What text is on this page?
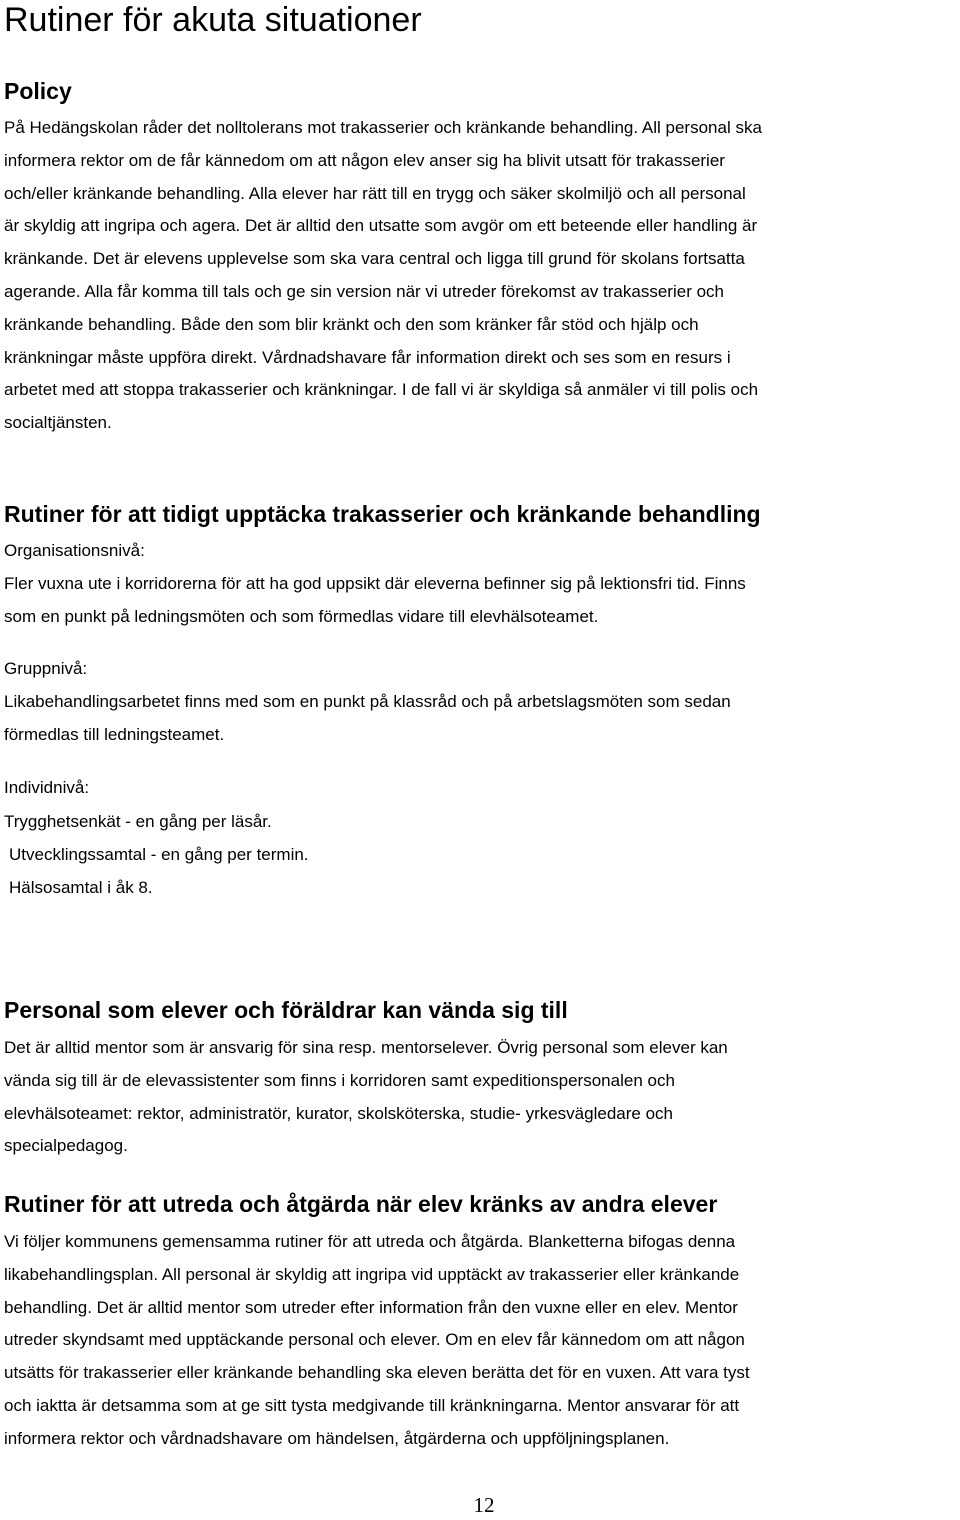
Rutiner för akuta situationer
Policy

På Hedängskolan råder det nolltolerans mot trakasserier och kränkande behandling. All personal ska
informera rektor om de får kännedom om att någon elev anser sig ha blivit utsatt för trakasserier
och/eller kränkande behandling. Alla elever har rätt till en trygg och säker skolmiljö och all personal
är skyldig att ingripa och agera. Det är alltid den utsatte som avgör om ett beteende eller handling är
kränkande. Det är elevens upplevelse som ska vara central och ligga till grund för skolans fortsatta
agerande. Alla får komma till tals och ge sin version när vi utreder förekomst av trakasserier och
kränkande behandling. Både den som blir kränkt och den som kränker får stöd och hjälp och
kränkningar måste uppföra direkt. Vårdnadshavare får information direkt och ses som en resurs i
arbetet med att stoppa trakasserier och kränkningar. I de fall vi är skyldiga så anmäler vi till polis och
socialtjänsten.

Rutiner för att tidigt upptäcka trakasserier och kränkande behandling

Organisationsnivå:

Fler vuxna ute i korridorerna för att ha god uppsikt där eleverna befinner sig på lektionsfri tid. Finns
som en punkt på ledningsmöten och som förmedlas vidare till elevhälsoteamet.

Gruppnivå:

Likabehandlingsarbetet finns med som en punkt på klassråd och på arbetslagsmöten som sedan
förmedlas till ledningsteamet.

Individnivå:

Trygghetsenkät - en gång per läsår.
Utvecklingssamtal - en gång per termin.
Hälsosamtal i åk 8.

Personal som elever och föräldrar kan vända sig till

Det är alltid mentor som är ansvarig för sina resp. mentorselever. Övrig personal som elever kan
vända sig till är de elevassistenter som finns i korridoren samt expeditionspersonalen och
elevhälsoteamet: rektor, administratör, kurator, skolsköterska, studie- yrkesvägledare och
specialpedagog.

Rutiner för att utreda och åtgärda när elev kränks av andra elever

Vi följer kommunens gemensamma rutiner för att utreda och åtgärda. Blanketterna bifogas denna
likabehandlingsplan. All personal är skyldig att ingripa vid upptäckt av trakasserier eller kränkande
behandling. Det är alltid mentor som utreder efter information från den vuxne eller en elev. Mentor
utreder skyndsamt med upptäckande personal och elever. Om en elev får kännedom om att någon
utsätts för trakasserier eller kränkande behandling ska eleven berätta det för en vuxen. Att vara tyst
och iaktta är detsamma som at ge sitt tysta medgivande till kränkningarna. Mentor ansvarar för att
informera rektor och vårdnadshavare om händelsen, åtgärderna och uppföljningsplanen.

12
